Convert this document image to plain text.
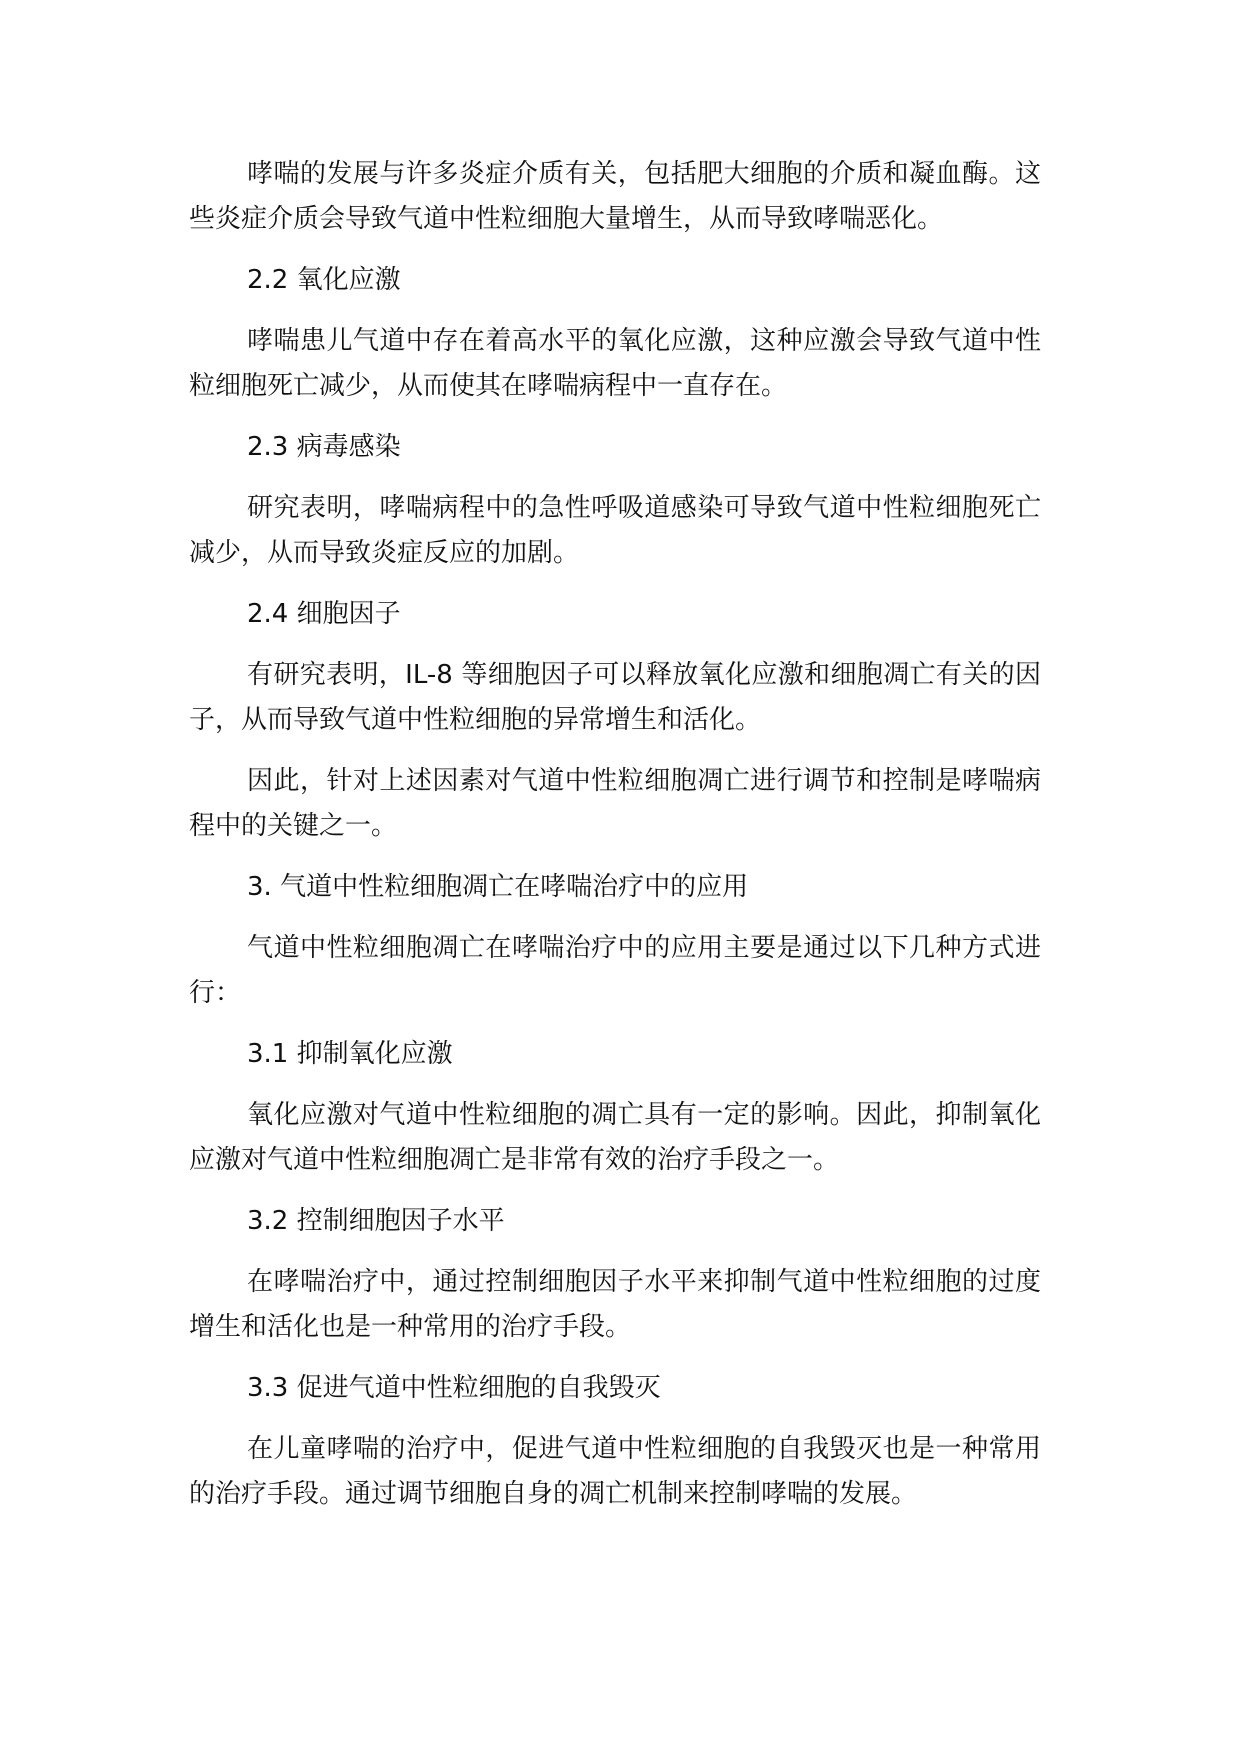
哮喘的发展与许多炎症介质有关，包括肥大细胞的介质和凝血酶。这些炎症介质会导致气道中性粒细胞大量增生，从而导致哮喘恶化。

2.2 氧化应激

哮喘患儿气道中存在着高水平的氧化应激，这种应激会导致气道中性粒细胞死亡减少，从而使其在哮喘病程中一直存在。

2.3 病毒感染

研究表明，哮喘病程中的急性呼吸道感染可导致气道中性粒细胞死亡减少，从而导致炎症反应的加剧。

2.4 细胞因子

有研究表明，IL-8 等细胞因子可以释放氧化应激和细胞凋亡有关的因子，从而导致气道中性粒细胞的异常增生和活化。

因此，针对上述因素对气道中性粒细胞凋亡进行调节和控制是哮喘病程中的关键之一。

3. 气道中性粒细胞凋亡在哮喘治疗中的应用

气道中性粒细胞凋亡在哮喘治疗中的应用主要是通过以下几种方式进行：

3.1 抑制氧化应激

氧化应激对气道中性粒细胞的凋亡具有一定的影响。因此，抑制氧化应激对气道中性粒细胞凋亡是非常有效的治疗手段之一。

3.2 控制细胞因子水平

在哮喘治疗中，通过控制细胞因子水平来抑制气道中性粒细胞的过度增生和活化也是一种常用的治疗手段。

3.3 促进气道中性粒细胞的自我毁灭

在儿童哮喘的治疗中，促进气道中性粒细胞的自我毁灭也是一种常用的治疗手段。通过调节细胞自身的凋亡机制来控制哮喘的发展。
